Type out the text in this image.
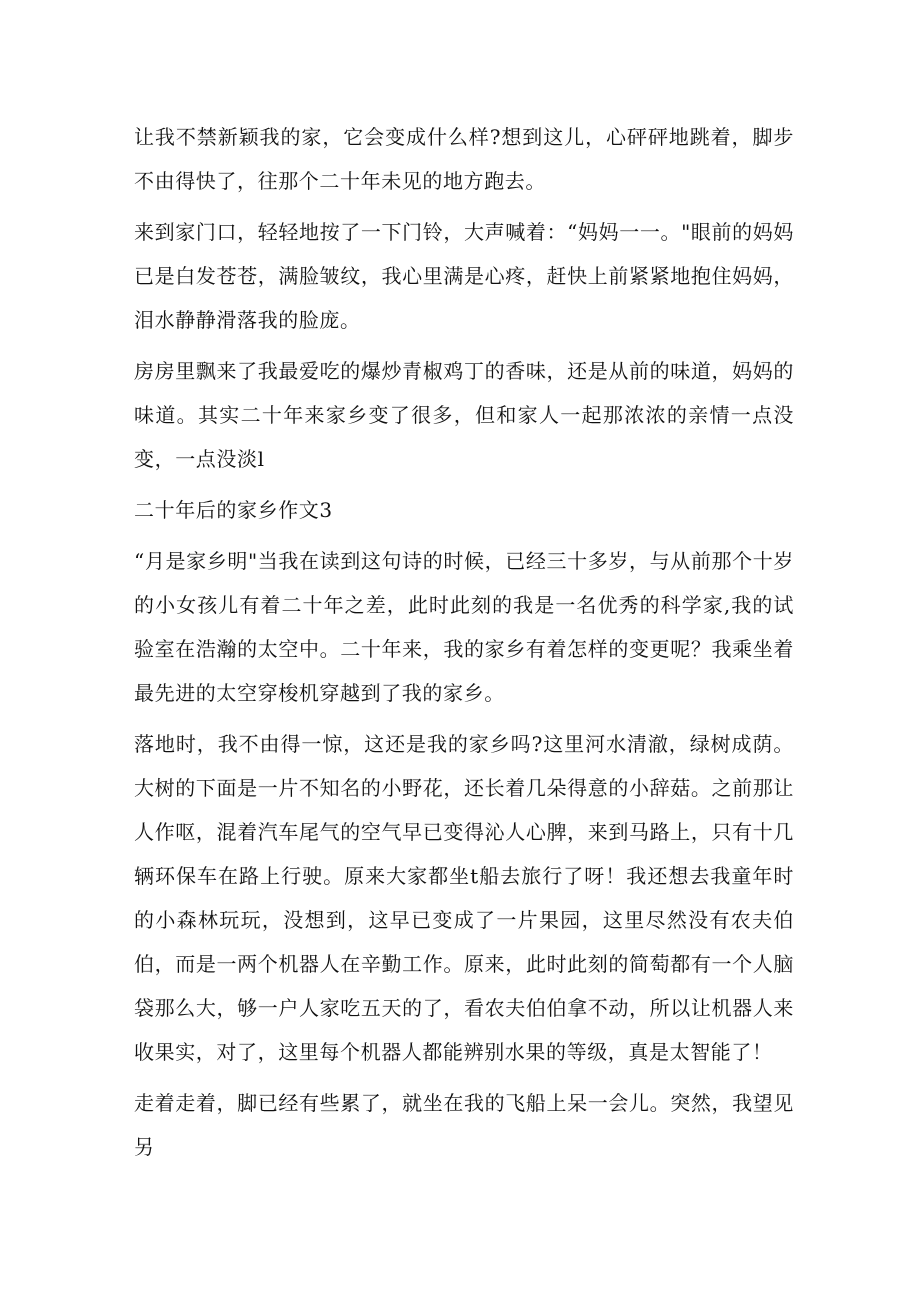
让我不禁新颖我的家，它会变成什么样?想到这儿，心砰砰地跳着，脚步不由得快了，往那个二十年未见的地方跑去。

来到家门口，轻轻地按了一下门铃，大声喊着：“妈妈一一。"眼前的妈妈已是白发苍苍，满脸皱纹，我心里满是心疼，赶快上前紧紧地抱住妈妈，泪水静静滑落我的脸庞。

房房里飘来了我最爱吃的爆炒青椒鸡丁的香味，还是从前的味道，妈妈的味道。其实二十年来家乡变了很多，但和家人一起那浓浓的亲情一点没变，一点没淡l

二十年后的家乡作文3

“月是家乡明"当我在读到这句诗的时候，已经三十多岁，与从前那个十岁的小女孩儿有着二十年之差，此时此刻的我是一名优秀的科学家,我的试验室在浩瀚的太空中。二十年来，我的家乡有着怎样的变更呢？我乘坐着最先进的太空穿梭机穿越到了我的家乡。

落地时，我不由得一惊，这还是我的家乡吗?这里河水清澈，绿树成荫。大树的下面是一片不知名的小野花，还长着几朵得意的小辞菇。之前那让人作呕，混着汽车尾气的空气早已变得沁人心脾，来到马路上，只有十几辆环保车在路上行驶。原来大家都坐t船去旅行了呀！我还想去我童年时的小森林玩玩，没想到，这早已变成了一片果园，这里尽然没有农夫伯伯，而是一两个机器人在辛勤工作。原来，此时此刻的简萄都有一个人脑袋那么大，够一户人家吃五天的了，看农夫伯伯拿不动，所以让机器人来收果实，对了，这里每个机器人都能辨别水果的等级，真是太智能了！

走着走着，脚已经有些累了，就坐在我的飞船上呆一会儿。突然，我望见另
